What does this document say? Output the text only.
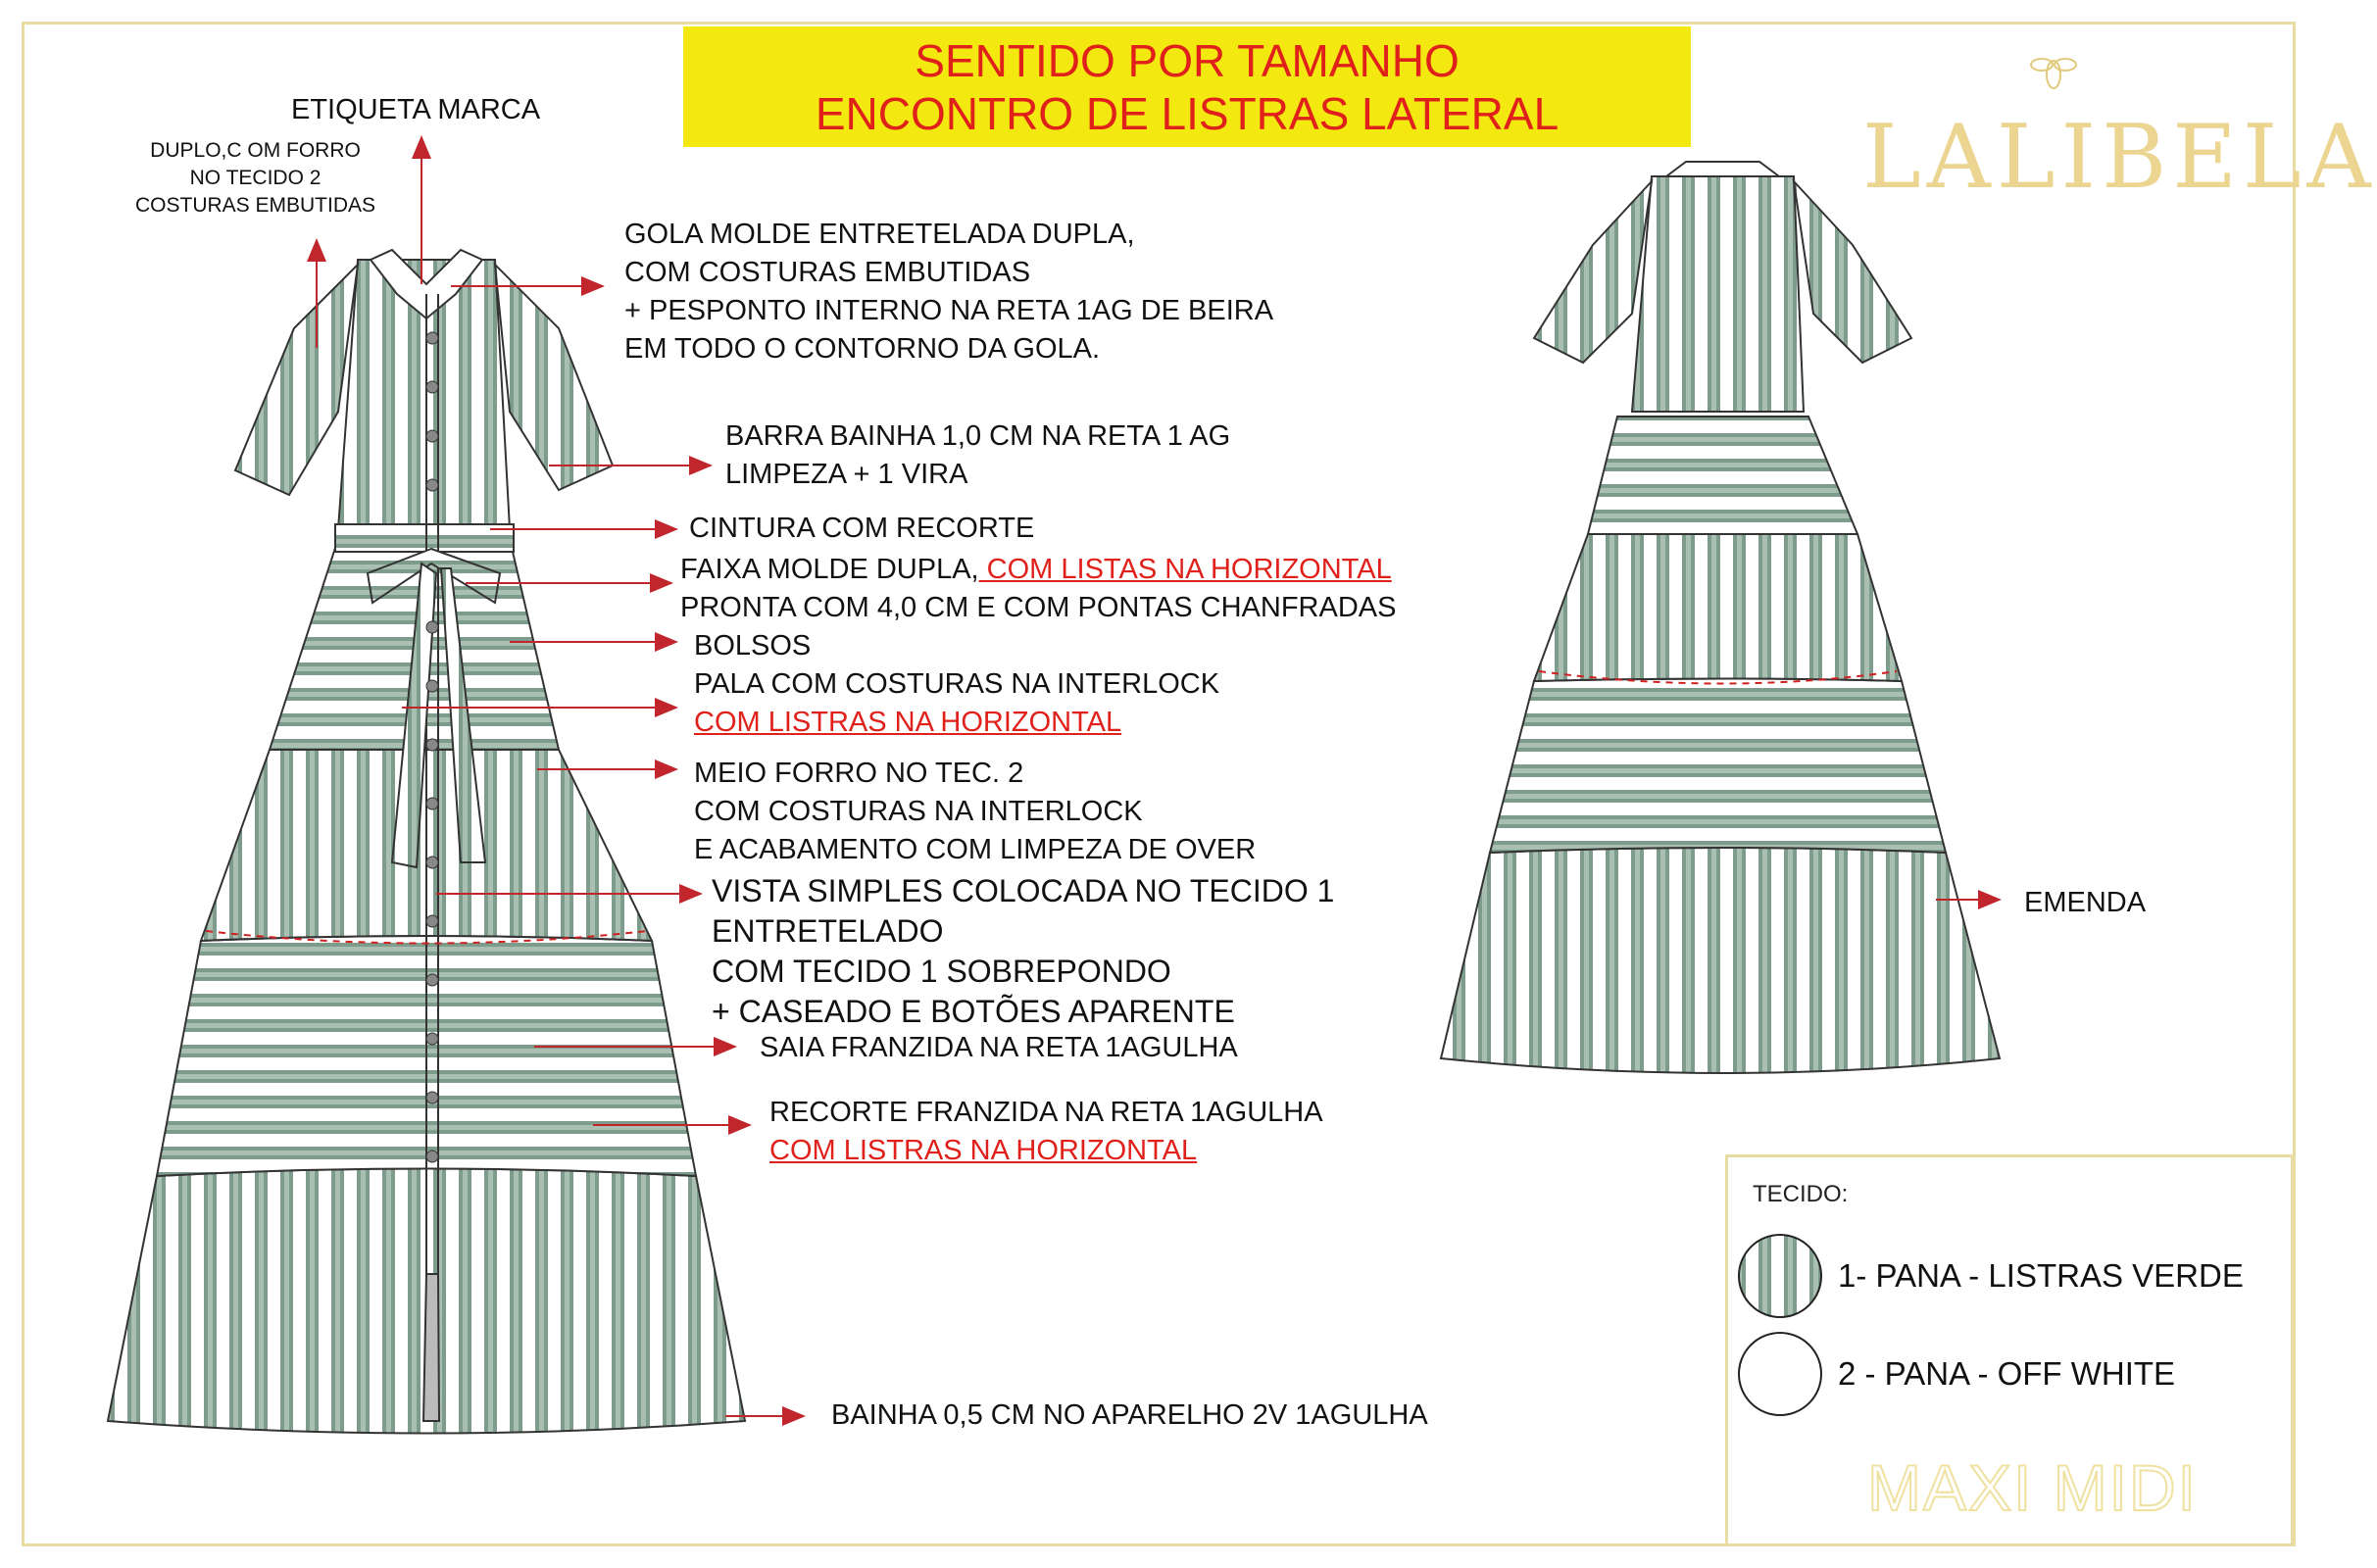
SENTIDO POR TAMANHO
ENCONTRO DE LISTRAS LATERAL	LALIBELA
ETIQUETA MARCA
DUPLO,C OM FORRO
NO TECIDO 2
COSTURAS EMBUTIDAS
GOLA MOLDE ENTRETELADA DUPLA,
COM COSTURAS EMBUTIDAS
+ PESPONTO INTERNO NA RETA 1AG DE BEIRA
EM TODO O CONTORNO DA GOLA.
BARRA BAINHA 1,0 CM NA RETA 1 AG
LIMPEZA + 1 VIRA
CINTURA COM RECORTE
FAIXA MOLDE DUPLA, COM LISTAS NA HORIZONTAL
PRONTA COM 4,0 CM E COM PONTAS CHANFRADAS
BOLSOS
PALA COM COSTURAS NA INTERLOCK
COM LISTRAS NA HORIZONTAL
MEIO FORRO NO TEC. 2
COM COSTURAS NA INTERLOCK
E ACABAMENTO COM LIMPEZA DE OVER
VISTA SIMPLES COLOCADA NO TECIDO 1
ENTRETELADO
COM TECIDO 1 SOBREPONDO
+ CASEADO E BOTÕES APARENTE
SAIA FRANZIDA NA RETA 1AGULHA
RECORTE FRANZIDA NA RETA 1AGULHA
COM LISTRAS NA HORIZONTAL
BAINHA 0,5 CM NO APARELHO 2V 1AGULHA
EMENDA
TECIDO:
1- PANA - LISTRAS VERDE
2 - PANA - OFF WHITE
MAXI MIDI
